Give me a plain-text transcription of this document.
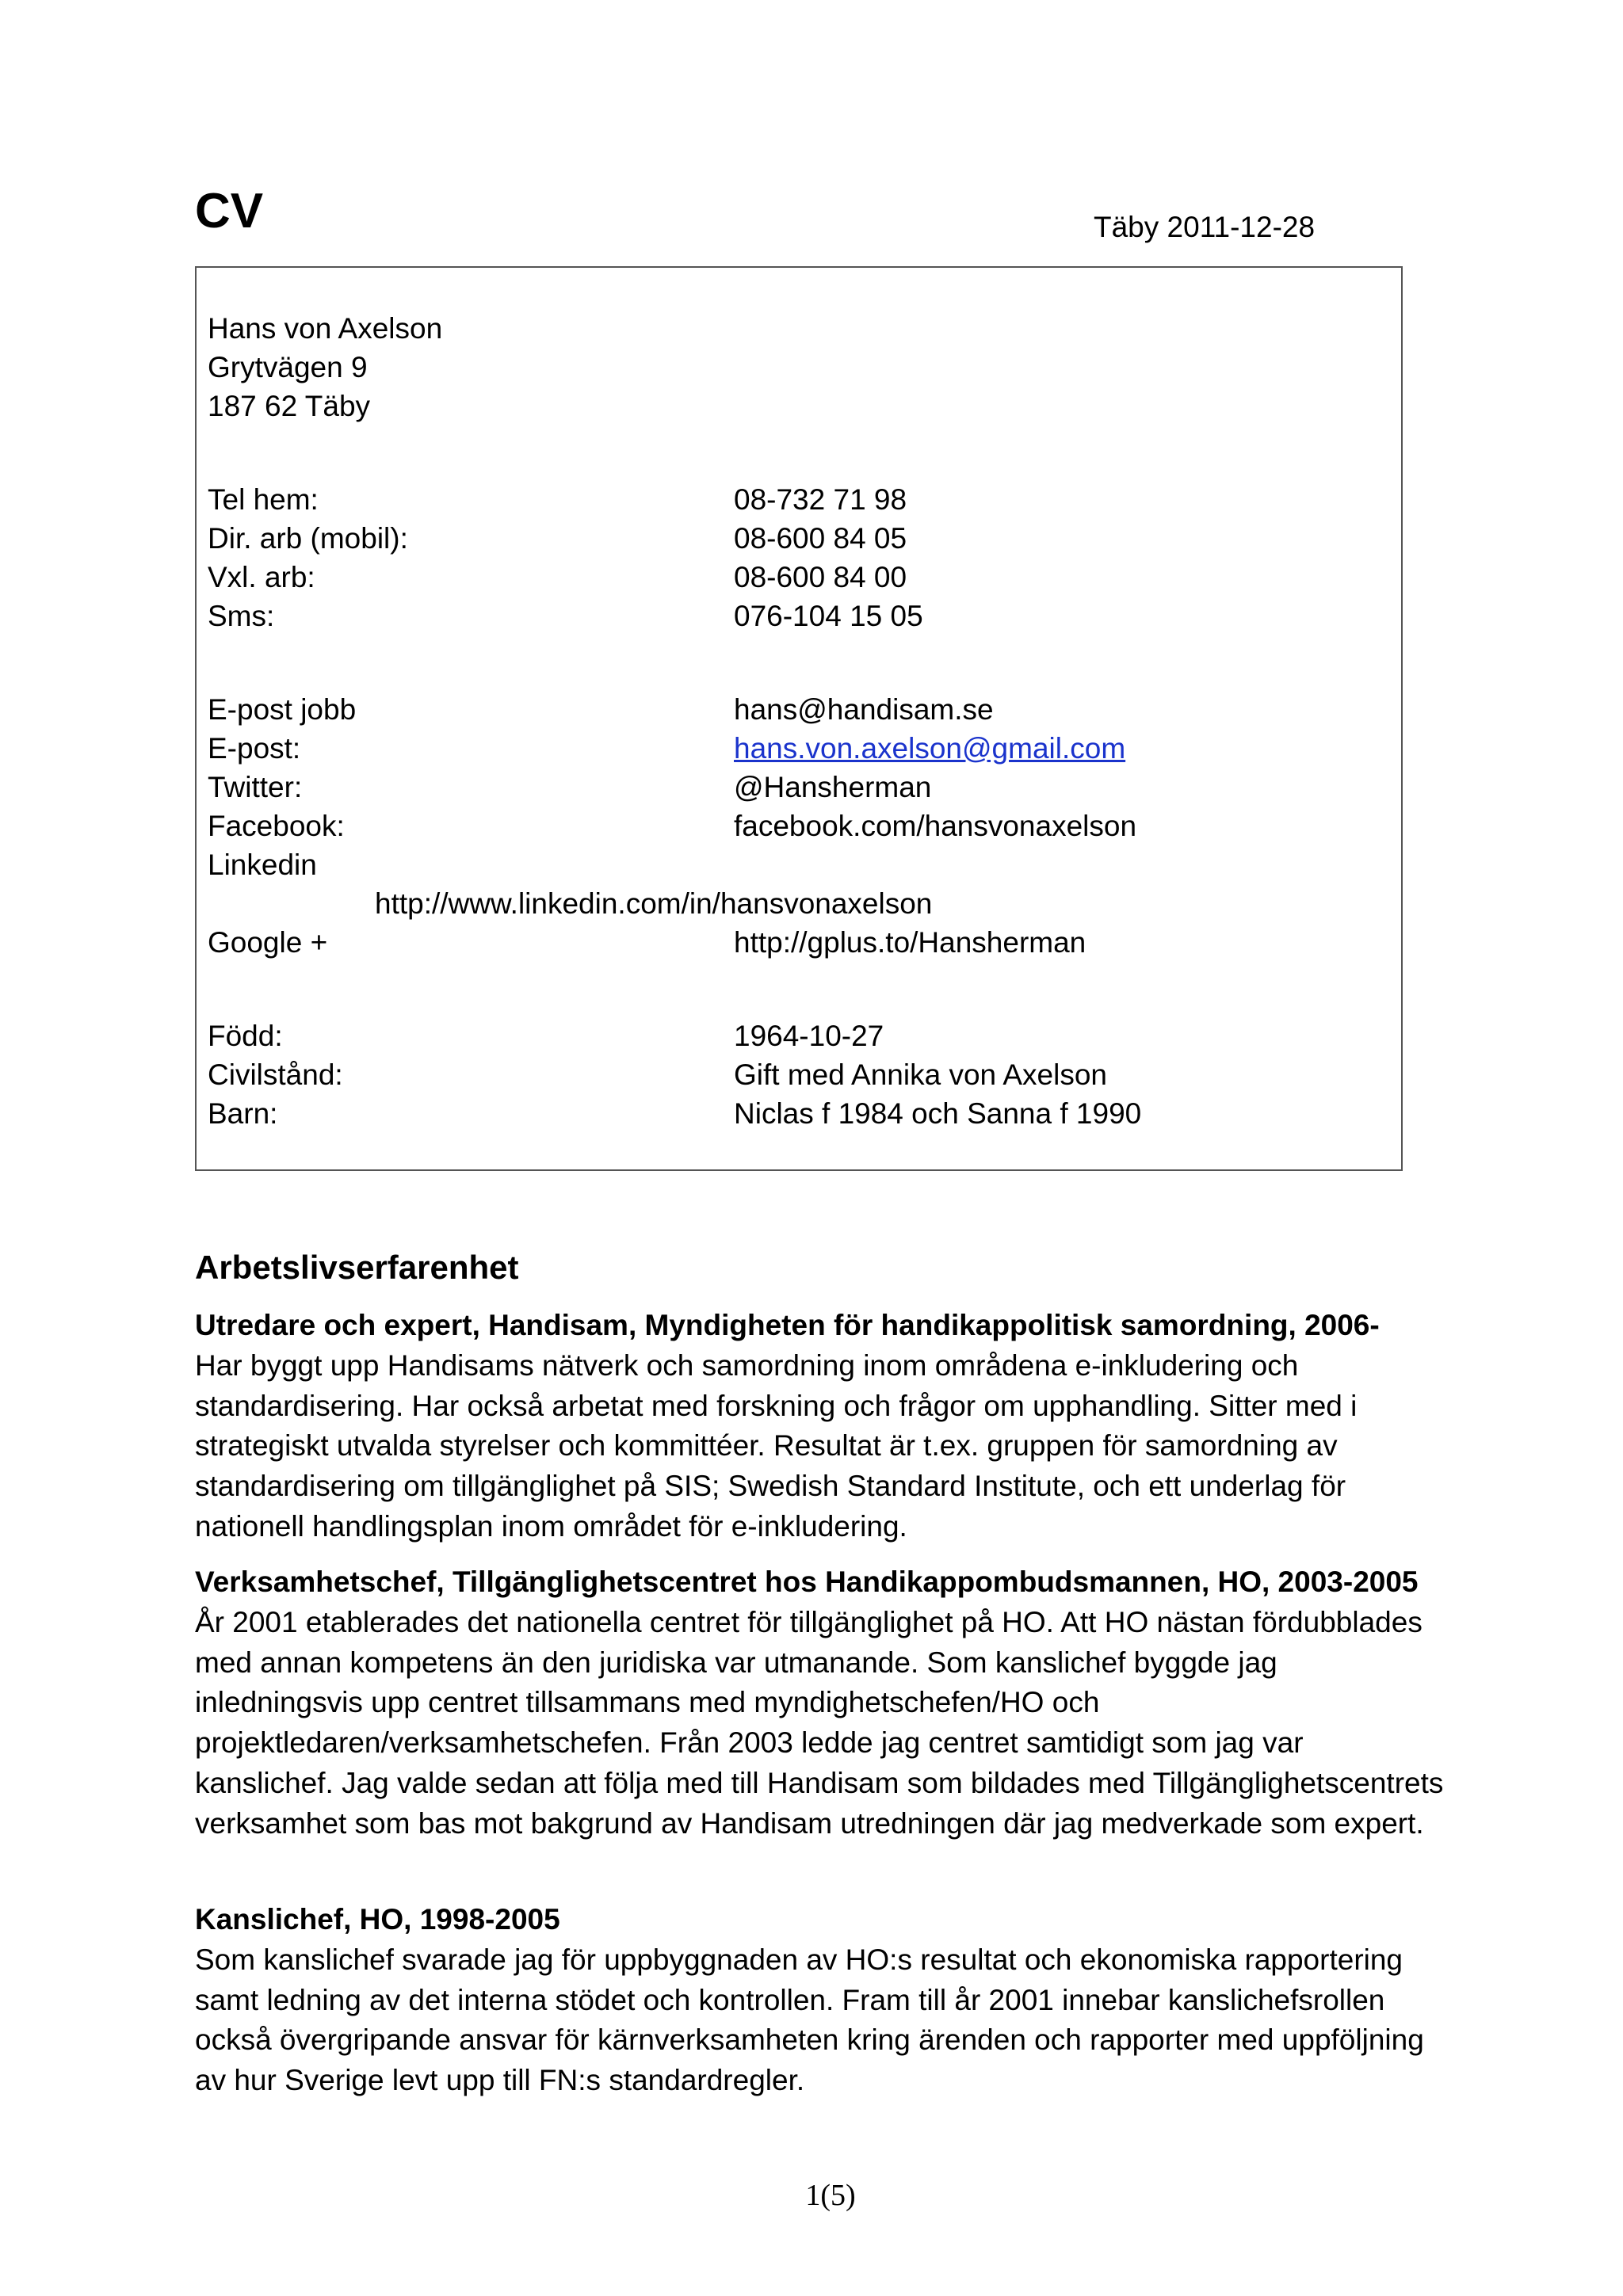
CV	Täby 2011-12-28
Hans von Axelson
Grytvägen 9
187 62 Täby
Tel hem:	08-732 71 98
Dir. arb (mobil):	08-600 84 05
Vxl. arb:	08-600 84 00
Sms:	076-104 15 05
E-post jobb	hans@handisam.se
E-post:	hans.von.axelson@gmail.com
Twitter:	@Hansherman
Facebook:	facebook.com/hansvonaxelson
Linkedin
http://www.linkedin.com/in/hansvonaxelson
Google +	http://gplus.to/Hansherman
Född:	1964-10-27
Civilstånd:	Gift med Annika von Axelson
Barn:	Niclas f 1984 och Sanna f 1990
Arbetslivserfarenhet
Utredare och expert, Handisam, Myndigheten för handikappolitisk samordning, 2006-

Har byggt upp Handisams nätverk och samordning inom områdena e-inkludering och standardisering. Har också arbetat med forskning och frågor om upphandling. Sitter med i strategiskt utvalda styrelser och kommittéer. Resultat är t.ex. gruppen för samordning av standardisering om tillgänglighet på SIS; Swedish Standard Institute, och ett underlag för nationell handlingsplan inom området för e-inkludering.

Verksamhetschef, Tillgänglighetscentret hos Handikappombudsmannen, HO, 2003-2005

År 2001 etablerades det nationella centret för tillgänglighet på HO. Att HO nästan fördubblades med annan kompetens än den juridiska var utmanande. Som kanslichef byggde jag inledningsvis upp centret tillsammans med myndighetschefen/HO och projektledaren/verksamhetschefen. Från 2003 ledde jag centret samtidigt som jag var kanslichef. Jag valde sedan att följa med till Handisam som bildades med Tillgänglighetscentrets verksamhet som bas mot bakgrund av Handisam utredningen där jag medverkade som expert.

Kanslichef, HO, 1998-2005

Som kanslichef svarade jag för uppbyggnaden av HO:s resultat och ekonomiska rapportering samt ledning av det interna stödet och kontrollen. Fram till år 2001 innebar kanslichefsrollen också övergripande ansvar för kärnverksamheten kring ärenden och rapporter med uppföljning av hur Sverige levt upp till FN:s standardregler.

1(5)
